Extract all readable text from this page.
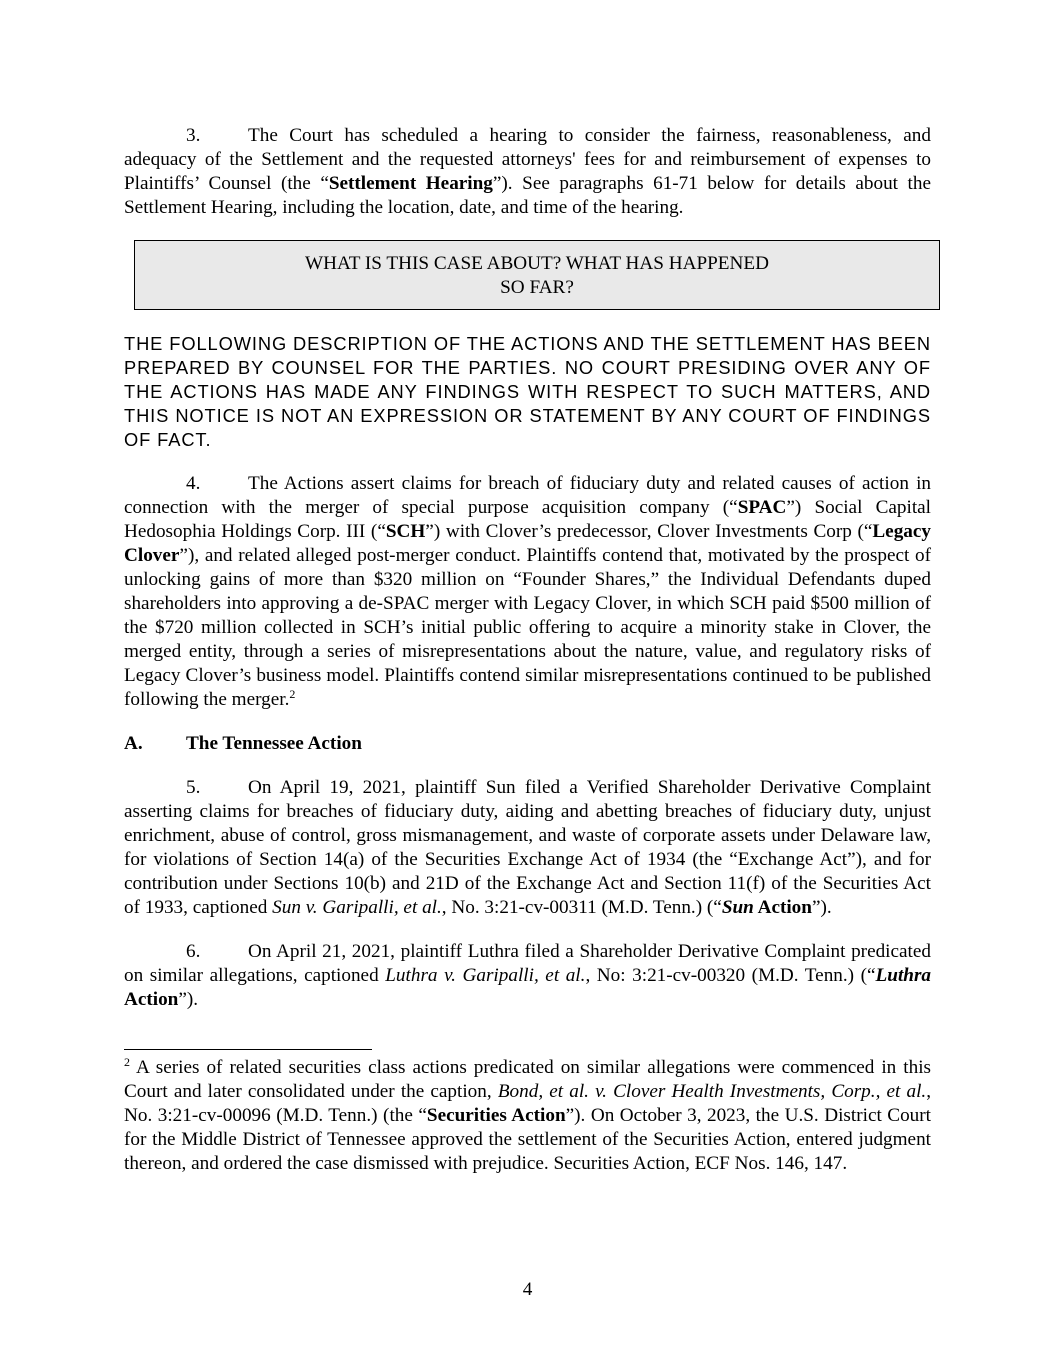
3. The Court has scheduled a hearing to consider the fairness, reasonableness, and adequacy of the Settlement and the requested attorneys' fees for and reimbursement of expenses to Plaintiffs’ Counsel (the “Settlement Hearing”). See paragraphs 61-71 below for details about the Settlement Hearing, including the location, date, and time of the hearing.

WHAT IS THIS CASE ABOUT? WHAT HAS HAPPENED
SO FAR?

THE FOLLOWING DESCRIPTION OF THE ACTIONS AND THE SETTLEMENT HAS BEEN PREPARED BY COUNSEL FOR THE PARTIES. NO COURT PRESIDING OVER ANY OF THE ACTIONS HAS MADE ANY FINDINGS WITH RESPECT TO SUCH MATTERS, AND THIS NOTICE IS NOT AN EXPRESSION OR STATEMENT BY ANY COURT OF FINDINGS OF FACT.

4. The Actions assert claims for breach of fiduciary duty and related causes of action in connection with the merger of special purpose acquisition company (“SPAC”) Social Capital Hedosophia Holdings Corp. III (“SCH”) with Clover’s predecessor, Clover Investments Corp (“Legacy Clover”), and related alleged post-merger conduct. Plaintiffs contend that, motivated by the prospect of unlocking gains of more than $320 million on “Founder Shares,” the Individual Defendants duped shareholders into approving a de-SPAC merger with Legacy Clover, in which SCH paid $500 million of the $720 million collected in SCH’s initial public offering to acquire a minority stake in Clover, the merged entity, through a series of misrepresentations about the nature, value, and regulatory risks of Legacy Clover’s business model. Plaintiffs contend similar misrepresentations continued to be published following the merger.$^2$

A. The Tennessee Action

5. On April 19, 2021, plaintiff Sun filed a Verified Shareholder Derivative Complaint asserting claims for breaches of fiduciary duty, aiding and abetting breaches of fiduciary duty, unjust enrichment, abuse of control, gross mismanagement, and waste of corporate assets under Delaware law, for violations of Section 14(a) of the Securities Exchange Act of 1934 (the “Exchange Act”), and for contribution under Sections 10(b) and 21D of the Exchange Act and Section 11(f) of the Securities Act of 1933, captioned Sun v. Garipalli, et al., No. 3:21-cv-00311 (M.D. Tenn.) (“Sun Action”).

6. On April 21, 2021, plaintiff Luthra filed a Shareholder Derivative Complaint predicated on similar allegations, captioned Luthra v. Garipalli, et al., No: 3:21-cv-00320 (M.D. Tenn.) (“Luthra Action”).

$^2$ A series of related securities class actions predicated on similar allegations were commenced in this Court and later consolidated under the caption, Bond, et al. v. Clover Health Investments, Corp., et al., No. 3:21-cv-00096 (M.D. Tenn.) (the “Securities Action”). On October 3, 2023, the U.S. District Court for the Middle District of Tennessee approved the settlement of the Securities Action, entered judgment thereon, and ordered the case dismissed with prejudice. Securities Action, ECF Nos. 146, 147.

4
